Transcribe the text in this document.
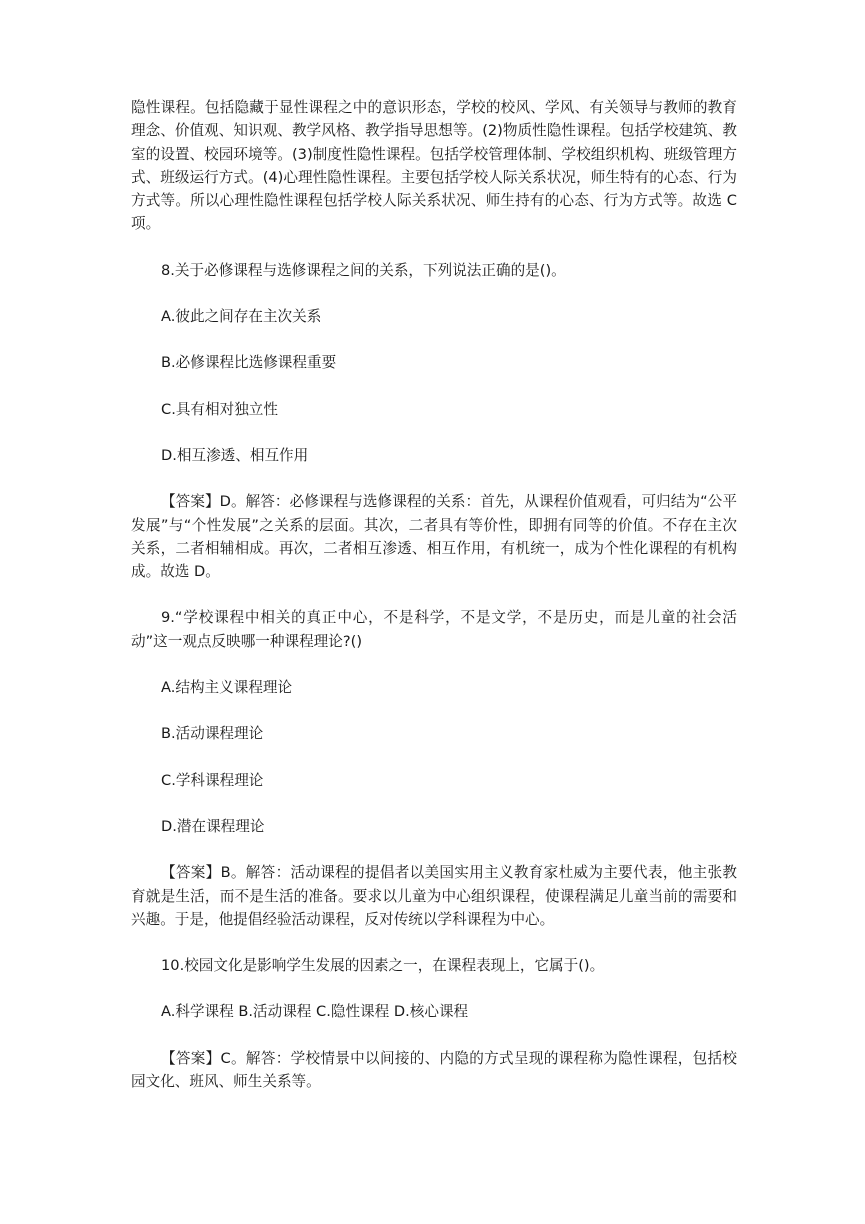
隐性课程。包括隐藏于显性课程之中的意识形态，学校的校风、学风、有关领导与教师的教育理念、价值观、知识观、教学风格、教学指导思想等。(2)物质性隐性课程。包括学校建筑、教室的设置、校园环境等。(3)制度性隐性课程。包括学校管理体制、学校组织机构、班级管理方式、班级运行方式。(4)心理性隐性课程。主要包括学校人际关系状况，师生特有的心态、行为方式等。所以心理性隐性课程包括学校人际关系状况、师生持有的心态、行为方式等。故选 C 项。

8.关于必修课程与选修课程之间的关系，下列说法正确的是()。

A.彼此之间存在主次关系

B.必修课程比选修课程重要

C.具有相对独立性

D.相互渗透、相互作用

【答案】D。解答：必修课程与选修课程的关系：首先，从课程价值观看，可归结为“公平发展”与“个性发展”之关系的层面。其次，二者具有等价性，即拥有同等的价值。不存在主次关系，二者相辅相成。再次，二者相互渗透、相互作用，有机统一，成为个性化课程的有机构成。故选 D。

9.“学校课程中相关的真正中心，不是科学，不是文学，不是历史，而是儿童的社会活动”这一观点反映哪一种课程理论?()

A.结构主义课程理论

B.活动课程理论

C.学科课程理论

D.潜在课程理论

【答案】B。解答：活动课程的提倡者以美国实用主义教育家杜威为主要代表，他主张教育就是生活，而不是生活的准备。要求以儿童为中心组织课程，使课程满足儿童当前的需要和兴趣。于是，他提倡经验活动课程，反对传统以学科课程为中心。

10.校园文化是影响学生发展的因素之一，在课程表现上，它属于()。

A.科学课程 B.活动课程 C.隐性课程 D.核心课程

【答案】C。解答：学校情景中以间接的、内隐的方式呈现的课程称为隐性课程，包括校园文化、班风、师生关系等。
